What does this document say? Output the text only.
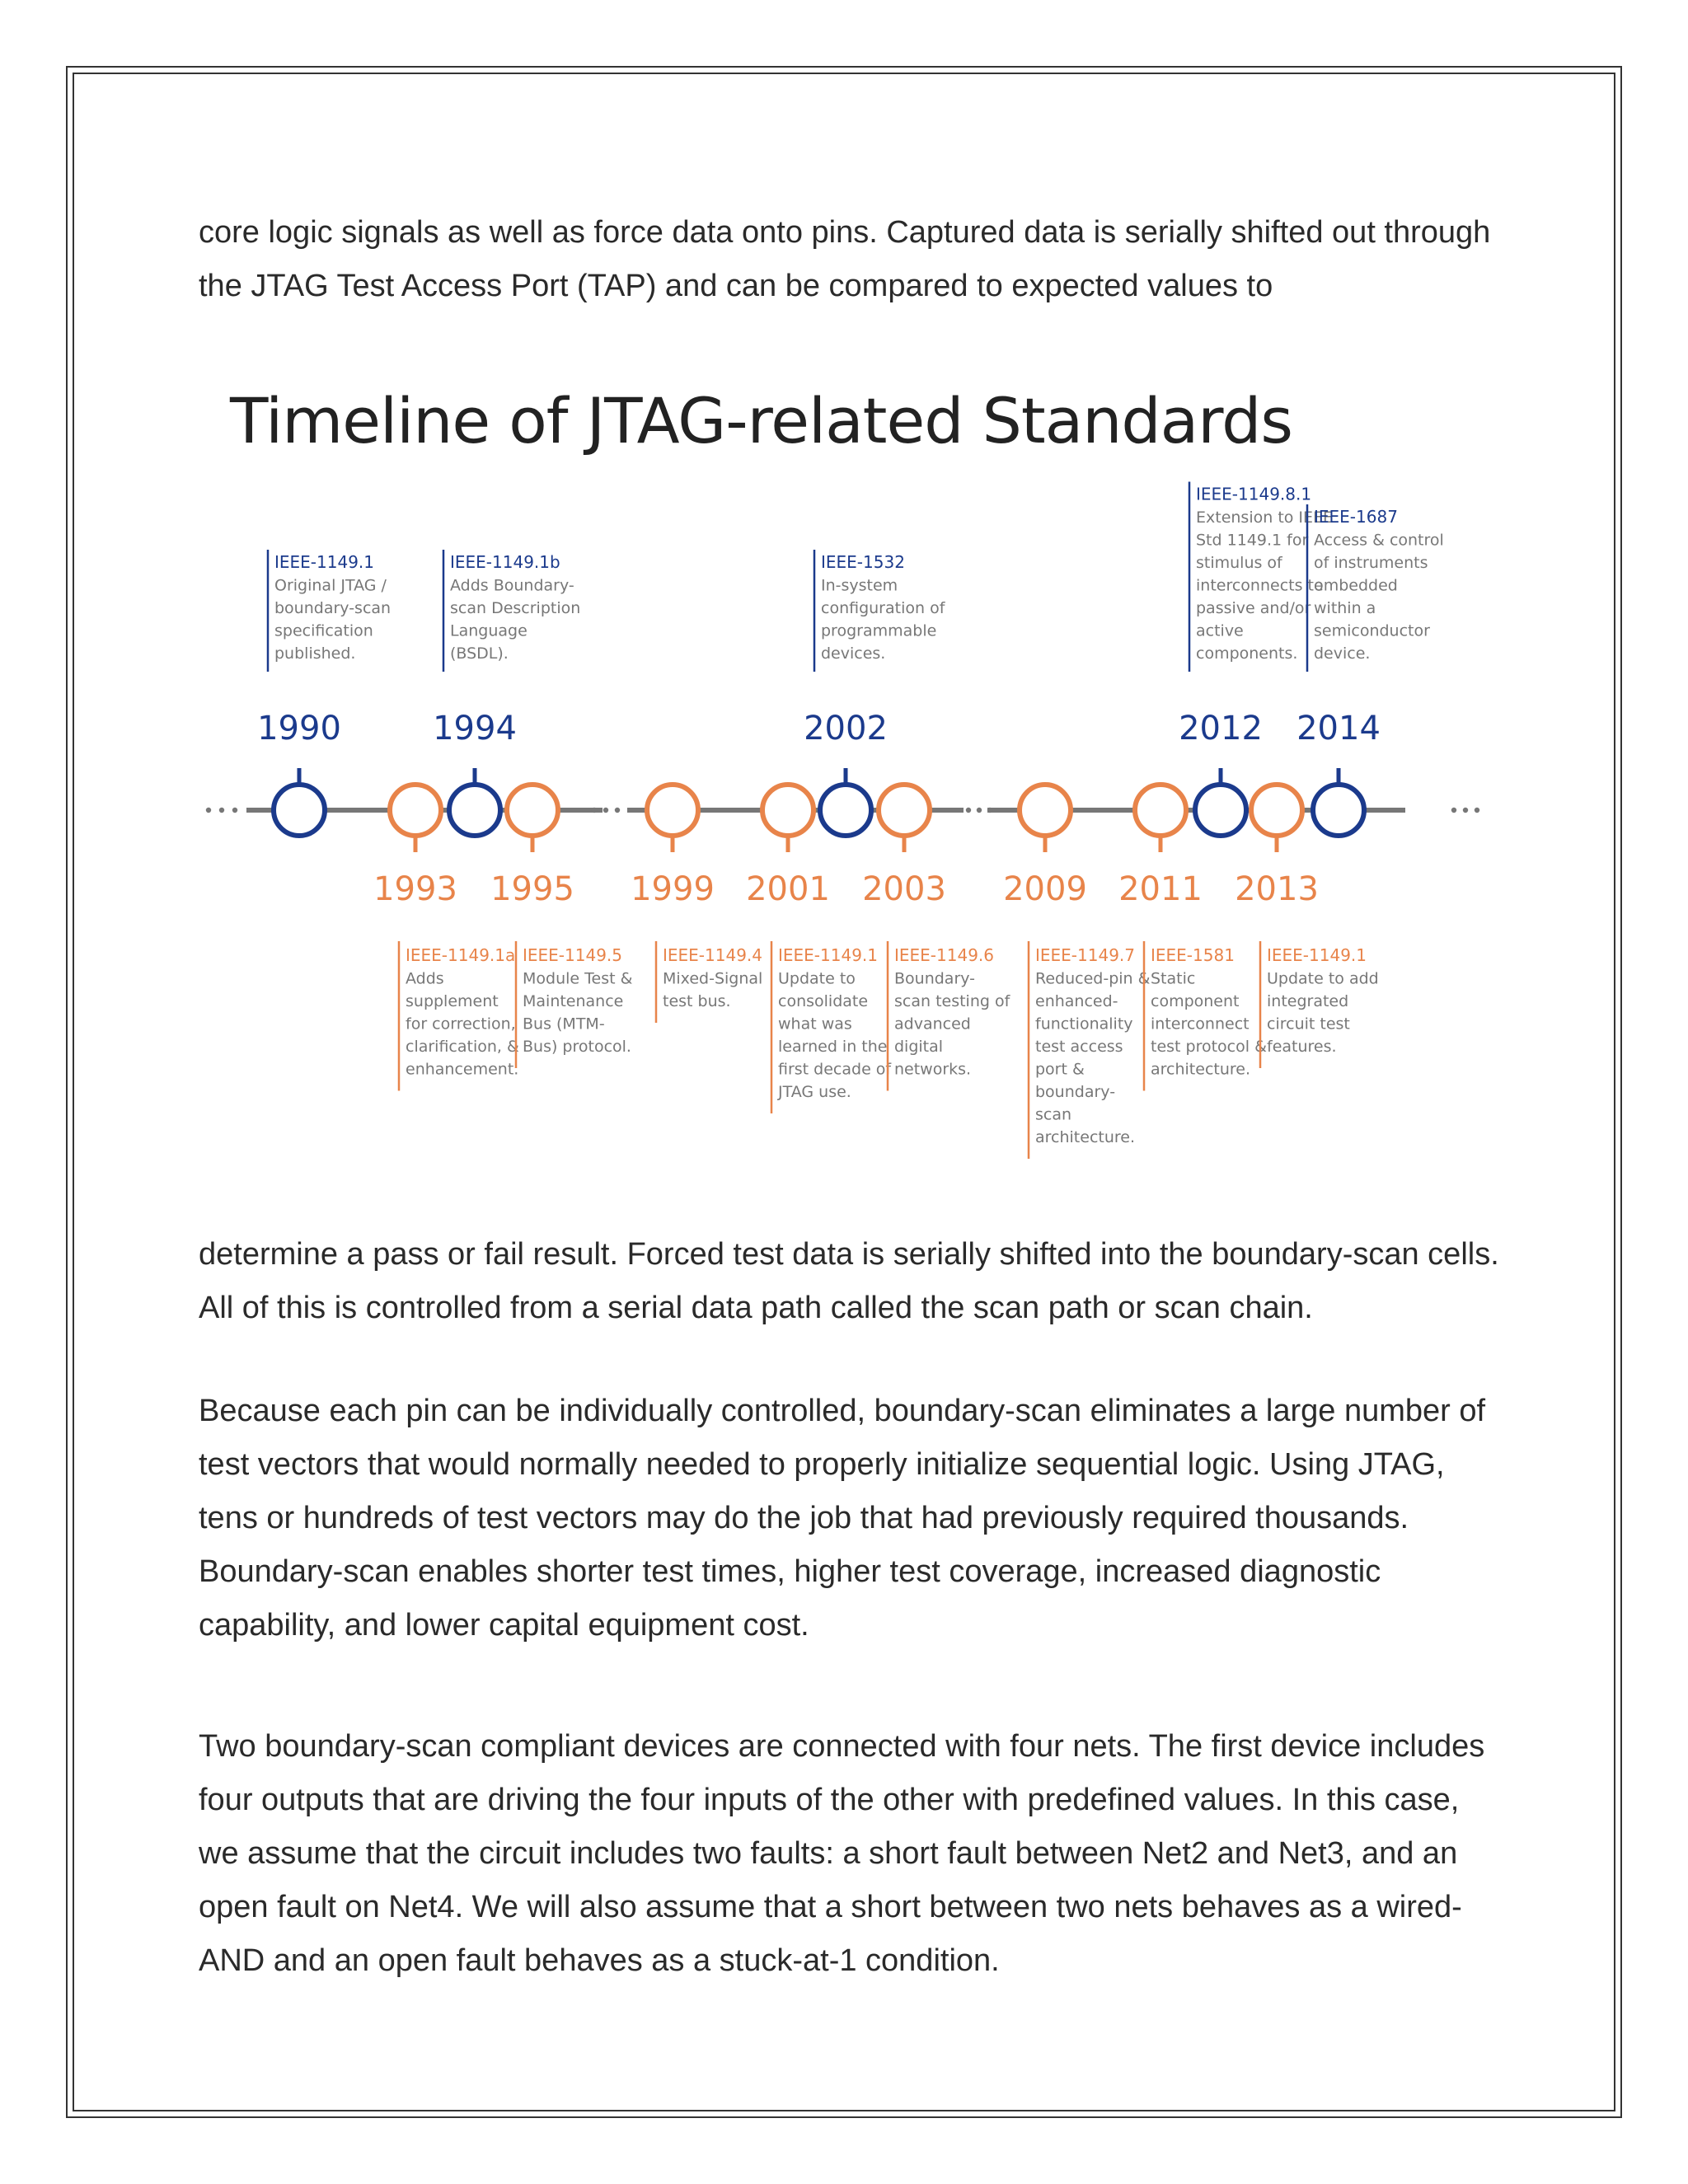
core logic signals as well as force data onto pins. Captured data is serially shifted out through the JTAG Test Access Port (TAP) and can be compared to expected values to

Timeline of JTAG-related Standards
1993
IEEE-1149.1a
Adds
supplement
for correction,
clarification, &
enhancement.
1995
IEEE-1149.5
Module Test &
Maintenance
Bus (MTM-
Bus) protocol.
1999
IEEE-1149.4
Mixed-Signal
test bus.
2001
IEEE-1149.1
Update to
consolidate
what was
learned in the
first decade of
JTAG use.
2003
IEEE-1149.6
Boundary-
scan testing of
advanced
digital
networks.
2009
IEEE-1149.7
Reduced-pin &
enhanced-
functionality
test access
port &
boundary-
scan
architecture.
2011
IEEE-1581
Static
component
interconnect
test protocol &
architecture.
2013
IEEE-1149.1
Update to add
integrated
circuit test
features.
1990
IEEE-1149.1
Original JTAG /
boundary-scan
specification
published.
1994
IEEE-1149.1b
Adds Boundary-
scan Description
Language
(BSDL).
2002
IEEE-1532
In-system
configuration of
programmable
devices.
2012
IEEE-1149.8.1
Extension to IEEE
Std 1149.1 for
stimulus of
interconnects to
passive and/or
active
components.
2014
IEEE-1687
Access & control
of instruments
embedded
within a
semiconductor
device.

determine a pass or fail result. Forced test data is serially shifted into the boundary-scan cells. All of this is controlled from a serial data path called the scan path or scan chain.

Because each pin can be individually controlled, boundary-scan eliminates a large number of test vectors that would normally needed to properly initialize sequential logic. Using JTAG, tens or hundreds of test vectors may do the job that had previously required thousands. Boundary-scan enables shorter test times, higher test coverage, increased diagnostic capability, and lower capital equipment cost.

Two boundary-scan compliant devices are connected with four nets. The first device includes four outputs that are driving the four inputs of the other with predefined values. In this case, we assume that the circuit includes two faults: a short fault between Net2 and Net3, and an open fault on Net4. We will also assume that a short between two nets behaves as a wired-AND and an open fault behaves as a stuck-at-1 condition.
